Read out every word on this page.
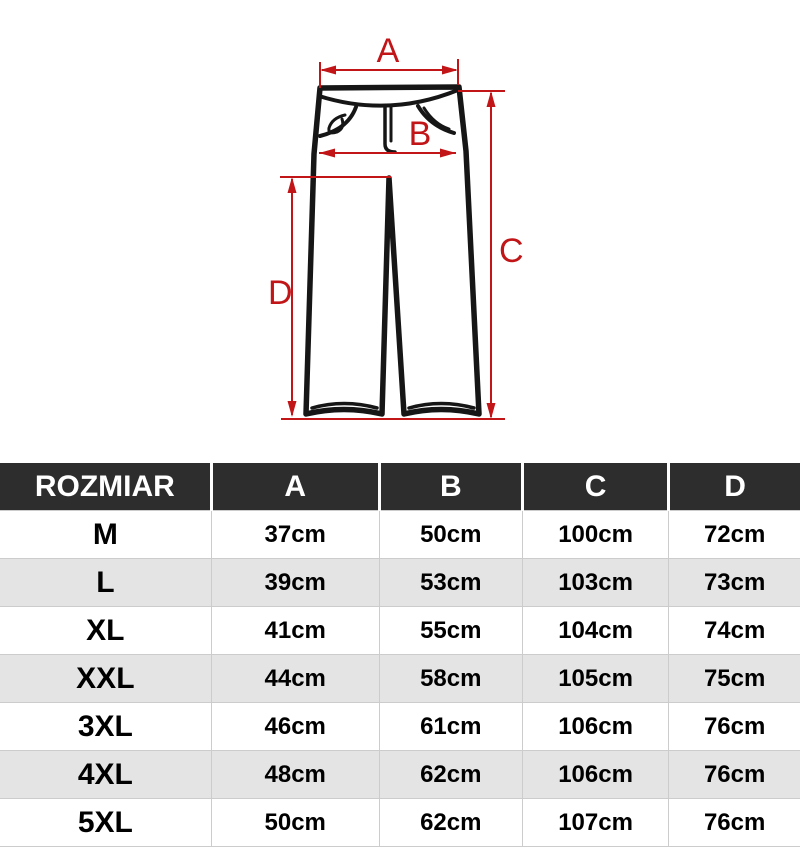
A
B
C
D
ROZMIAR	A	B	C	D
M	37cm	50cm	100cm	72cm
L	39cm	53cm	103cm	73cm
XL	41cm	55cm	104cm	74cm
XXL	44cm	58cm	105cm	75cm
3XL	46cm	61cm	106cm	76cm
4XL	48cm	62cm	106cm	76cm
5XL	50cm	62cm	107cm	76cm
